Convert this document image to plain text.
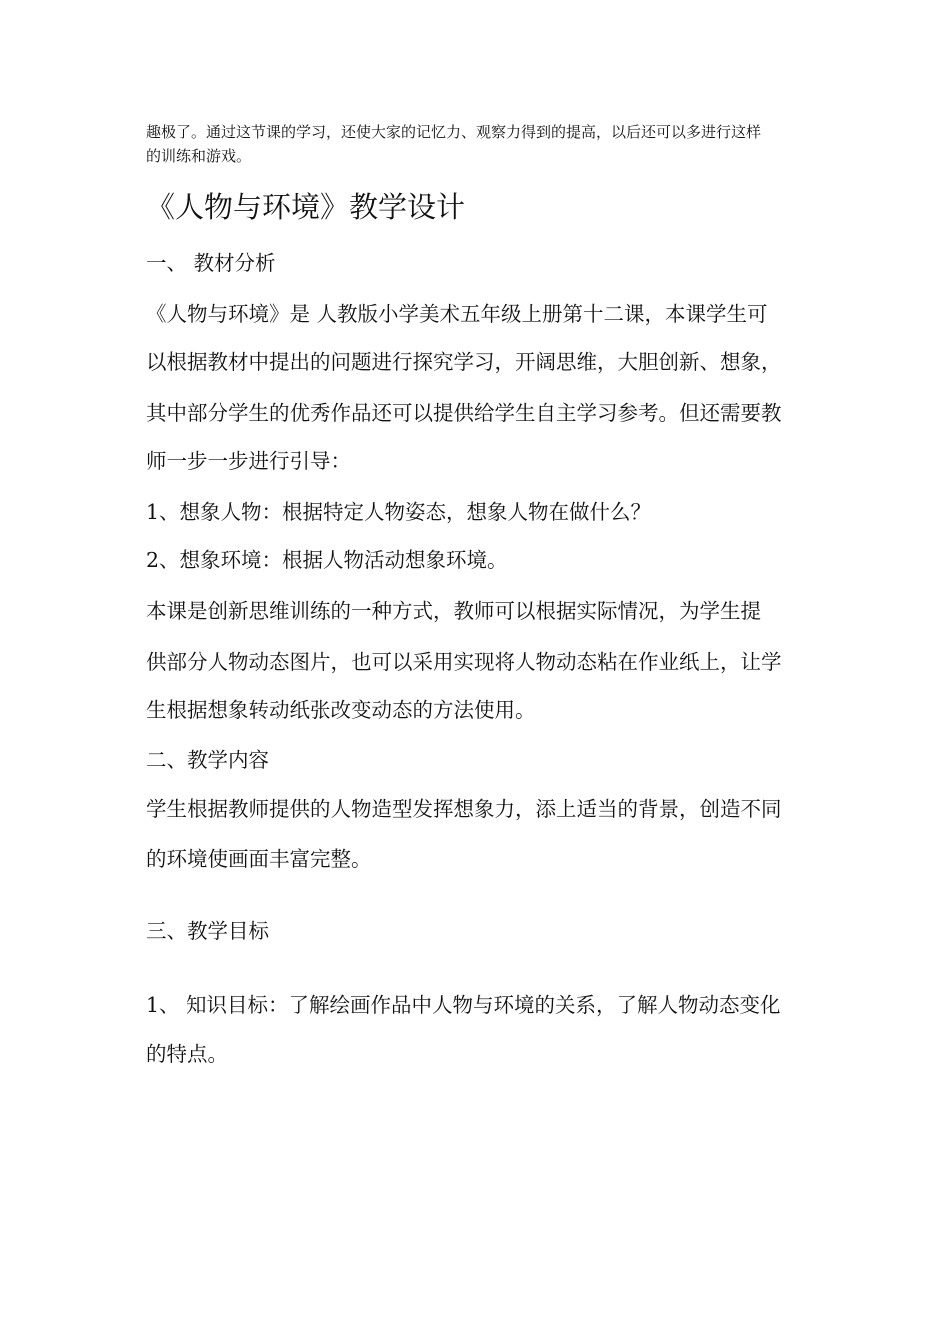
趣极了。通过这节课的学习，还使大家的记忆力、观察力得到的提高，以后还可以多进行这样
的训练和游戏。
《人物与环境》教学设计
一、 教材分析
《人物与环境》是 人教版小学美术五年级上册第十二课，本课学生可
以根据教材中提出的问题进行探究学习，开阔思维，大胆创新、想象，
其中部分学生的优秀作品还可以提供给学生自主学习参考。但还需要教
师一步一步进行引导：
1、想象人物：根据特定人物姿态，想象人物在做什么？
2、想象环境：根据人物活动想象环境。
本课是创新思维训练的一种方式，教师可以根据实际情况，为学生提
供部分人物动态图片，也可以采用实现将人物动态粘在作业纸上，让学
生根据想象转动纸张改变动态的方法使用。
二、教学内容
学生根据教师提供的人物造型发挥想象力，添上适当的背景，创造不同
的环境使画面丰富完整。
三、教学目标
1、 知识目标：了解绘画作品中人物与环境的关系，了解人物动态变化
的特点。
